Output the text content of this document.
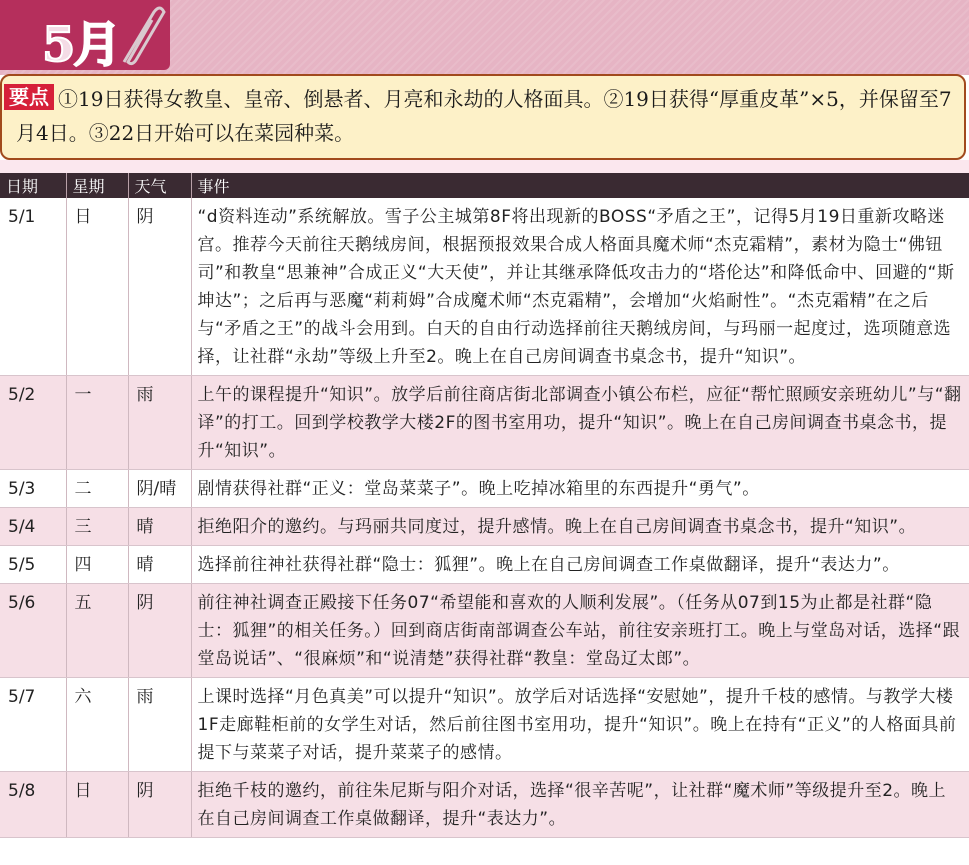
5月
要点 ①19日获得女教皇、皇帝、倒悬者、月亮和永劫的人格面具。②19日获得“厚重皮革”×5，并保留至7月4日。③22日开始可以在菜园种菜。
日期	星期	天气	事件
5/1	日	阴	“d资料连动”系统解放。雪子公主城第8F将出现新的BOSS“矛盾之王”，记得5月19日重新攻略迷宫。推荐今天前往天鹅绒房间，根据预报效果合成人格面具魔术师“杰克霜精”，素材为隐士“佛钮司”和教皇“思兼神”合成正义“大天使”，并让其继承降低攻击力的“塔伦达”和降低命中、回避的“斯坤达”；之后再与恶魔“莉莉姆”合成魔术师“杰克霜精”，会增加“火焰耐性”。“杰克霜精”在之后与“矛盾之王”的战斗会用到。白天的自由行动选择前往天鹅绒房间，与玛丽一起度过，选项随意选择，让社群“永劫”等级上升至2。晚上在自己房间调查书桌念书，提升“知识”。
5/2	一	雨	上午的课程提升“知识”。放学后前往商店街北部调查小镇公布栏，应征“帮忙照顾安亲班幼儿”与“翻译”的打工。回到学校教学大楼2F的图书室用功，提升“知识”。晚上在自己房间调查书桌念书，提升“知识”。
5/3	二	阴/晴	剧情获得社群“正义：堂岛菜菜子”。晚上吃掉冰箱里的东西提升“勇气”。
5/4	三	晴	拒绝阳介的邀约。与玛丽共同度过，提升感情。晚上在自己房间调查书桌念书，提升“知识”。
5/5	四	晴	选择前往神社获得社群“隐士：狐狸”。晚上在自己房间调查工作桌做翻译，提升“表达力”。
5/6	五	阴	前往神社调查正殿接下任务07“希望能和喜欢的人顺利发展”。（任务从07到15为止都是社群“隐士：狐狸”的相关任务。）回到商店街南部调查公车站，前往安亲班打工。晚上与堂岛对话，选择“跟堂岛说话”、“很麻烦”和“说清楚”获得社群“教皇：堂岛辽太郎”。
5/7	六	雨	上课时选择“月色真美”可以提升“知识”。放学后对话选择“安慰她”，提升千枝的感情。与教学大楼1F走廊鞋柜前的女学生对话，然后前往图书室用功，提升“知识”。晚上在持有“正义”的人格面具前提下与菜菜子对话，提升菜菜子的感情。
5/8	日	阴	拒绝千枝的邀约，前往朱尼斯与阳介对话，选择“很辛苦呢”，让社群“魔术师”等级提升至2。晚上在自己房间调查工作桌做翻译，提升“表达力”。
